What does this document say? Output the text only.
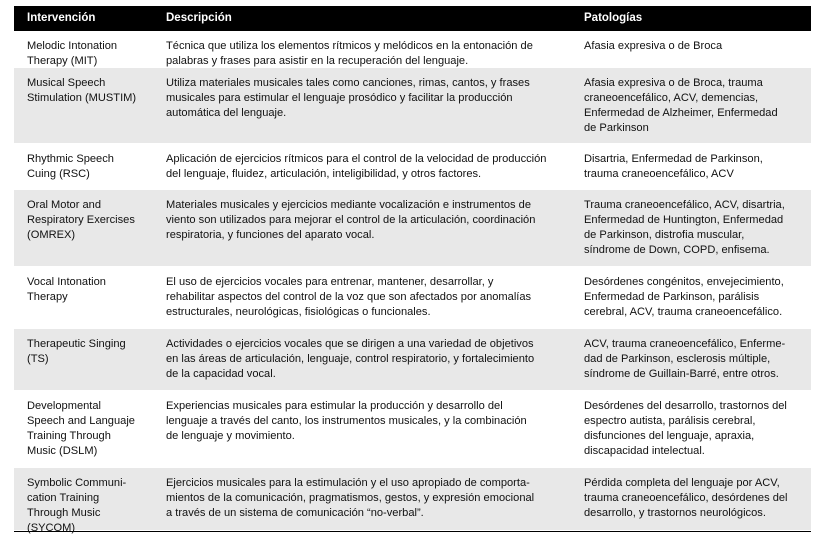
Intervención	Descripción	Patologías
Melodic Intonation
Therapy (MIT)
Técnica que utiliza los elementos rítmicos y melódicos en la entonación de
palabras y frases para asistir en la recuperación del lenguaje.
Afasia expresiva o de Broca
Musical Speech
Stimulation (MUSTIM)
Utiliza materiales musicales tales como canciones, rimas, cantos, y frases
musicales para estimular el lenguaje prosódico y facilitar la producción
automática del lenguaje.
Afasia expresiva o de Broca, trauma
craneoencefálico, ACV, demencias,
Enfermedad de Alzheimer, Enfermedad
de Parkinson
Rhythmic Speech
Cuing (RSC)
Aplicación de ejercicios rítmicos para el control de la velocidad de producción
del lenguaje, fluidez, articulación, inteligibilidad, y otros factores.
Disartria, Enfermedad de Parkinson,
trauma craneoencefálico, ACV
Oral Motor and
Respiratory Exercises
(OMREX)
Materiales musicales y ejercicios mediante vocalización e instrumentos de
viento son utilizados para mejorar el control de la articulación, coordinación
respiratoria, y funciones del aparato vocal.
Trauma craneoencefálico, ACV, disartria,
Enfermedad de Huntington, Enfermedad
de Parkinson, distrofia muscular,
síndrome de Down, COPD, enfisema.
Vocal Intonation
Therapy
El uso de ejercicios vocales para entrenar, mantener, desarrollar, y
rehabilitar aspectos del control de la voz que son afectados por anomalías
estructurales, neurológicas, fisiológicas o funcionales.
Desórdenes congénitos, envejecimiento,
Enfermedad de Parkinson, parálisis
cerebral, ACV, trauma craneoencefálico.
Therapeutic Singing
(TS)
Actividades o ejercicios vocales que se dirigen a una variedad de objetivos
en las áreas de articulación, lenguaje, control respiratorio, y fortalecimiento
de la capacidad vocal.
ACV, trauma craneoencefálico, Enferme-
dad de Parkinson, esclerosis múltiple,
síndrome de Guillain-Barré, entre otros.
Developmental
Speech and Languaje
Training Through
Music (DSLM)
Experiencias musicales para estimular la producción y desarrollo del
lenguaje a través del canto, los instrumentos musicales, y la combinación
de lenguaje y movimiento.
Desórdenes del desarrollo, trastornos del
espectro autista, parálisis cerebral,
disfunciones del lenguaje, apraxia,
discapacidad intelectual.
Symbolic Communi-
cation Training
Through Music
(SYCOM)
Ejercicios musicales para la estimulación y el uso apropiado de comporta-
mientos de la comunicación, pragmatismos, gestos, y expresión emocional
a través de un sistema de comunicación “no-verbal”.
Pérdida completa del lenguaje por ACV,
trauma craneoencefálico, desórdenes del
desarrollo, y trastornos neurológicos.
